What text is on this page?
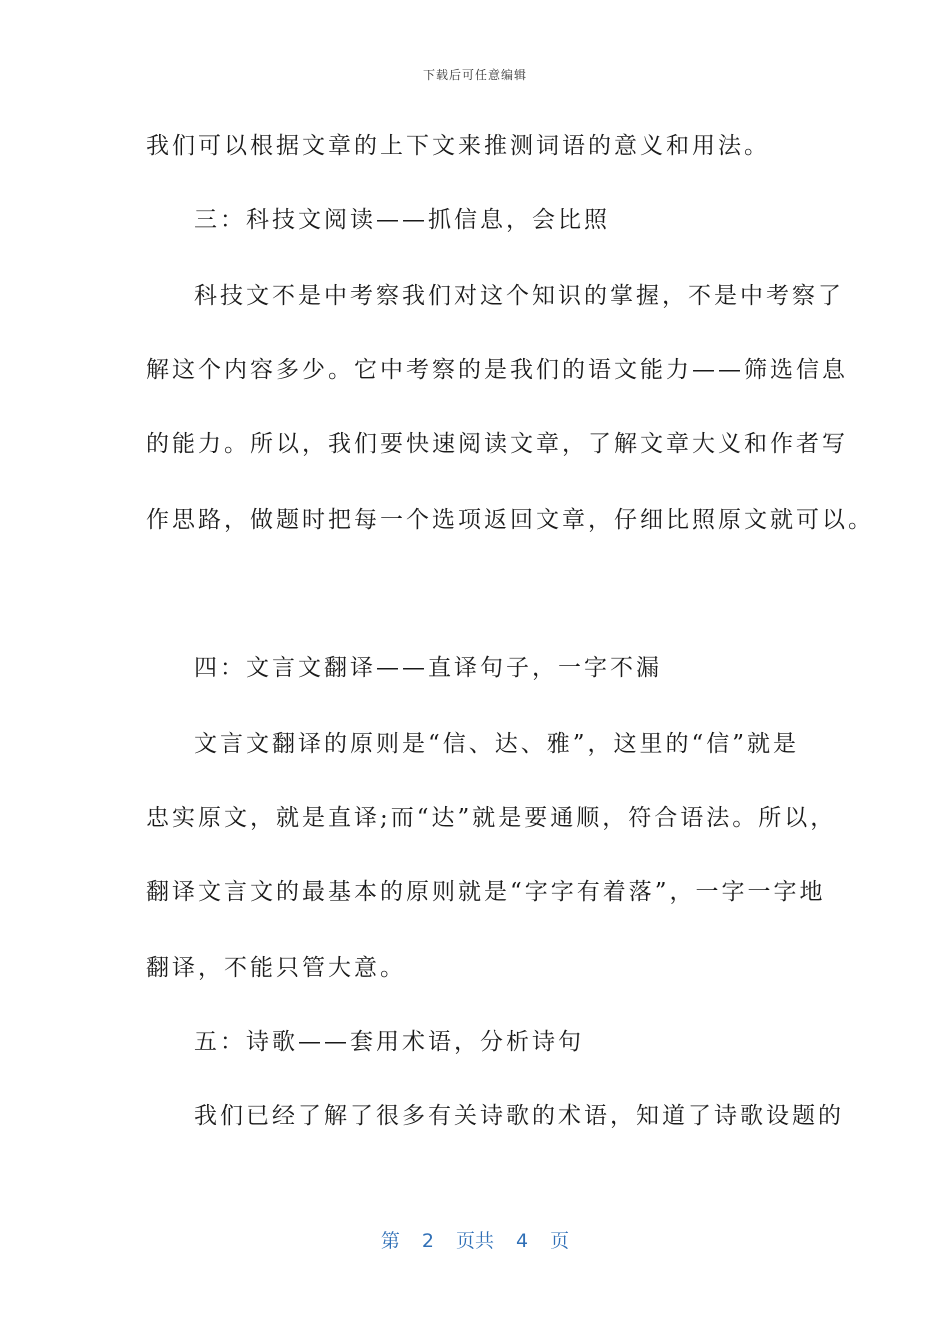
下载后可任意编辑
我们可以根据文章的上下文来推测词语的意义和用法。
三：科技文阅读——抓信息，会比照
科技文不是中考察我们对这个知识的掌握，不是中考察了
解这个内容多少。它中考察的是我们的语文能力——筛选信息
的能力。所以，我们要快速阅读文章，了解文章大义和作者写
作思路，做题时把每一个选项返回文章，仔细比照原文就可以。
四：文言文翻译——直译句子，一字不漏
文言文翻译的原则是“信、达、雅”，这里的“信”就是
忠实原文，就是直译;而“达”就是要通顺，符合语法。所以，
翻译文言文的最基本的原则就是“字字有着落”，一字一字地
翻译，不能只管大意。
五：诗歌——套用术语，分析诗句
我们已经了解了很多有关诗歌的术语，知道了诗歌设题的
第 2 页共 4 页
